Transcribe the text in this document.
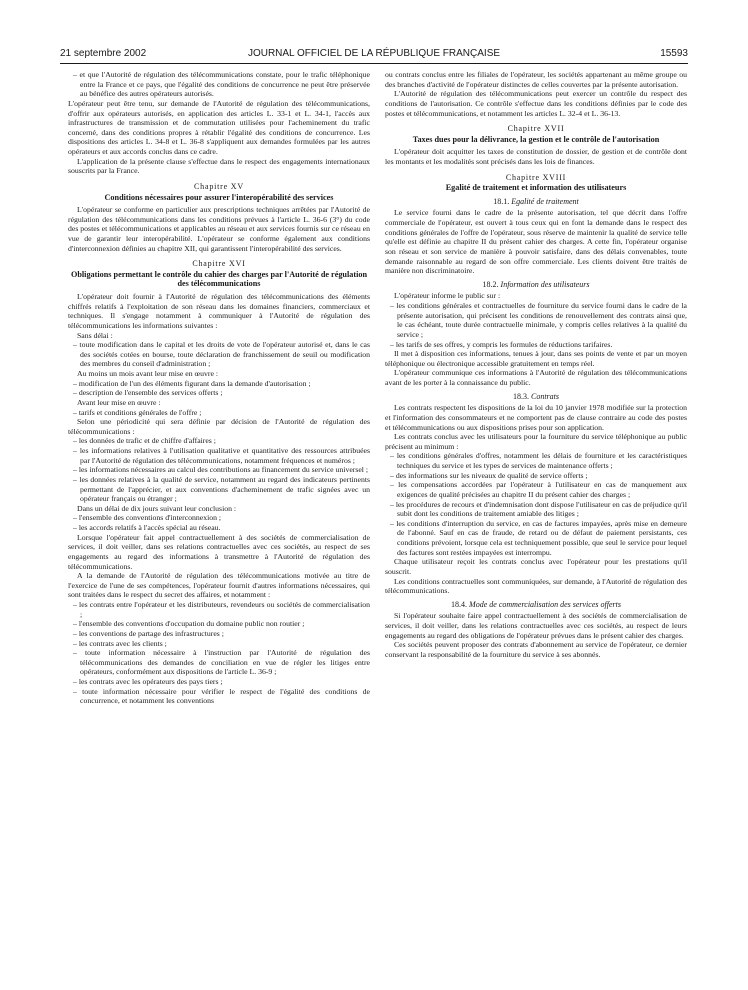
21 septembre 2002	JOURNAL OFFICIEL DE LA RÉPUBLIQUE FRANÇAISE	15593

– et que l'Autorité de régulation des télécommunications constate, pour le trafic téléphonique entre la France et ce pays, que l'égalité des conditions de concurrence ne peut être préservée au bénéfice des autres opérateurs autorisés.

L'opérateur peut être tenu, sur demande de l'Autorité de régulation des télécommunications, d'offrir aux opérateurs autorisés, en application des articles L. 33-1 et L. 34-1, l'accès aux infrastructures de transmission et de commutation utilisées pour l'acheminement du trafic concerné, dans des conditions propres à rétablir l'égalité des conditions de concurrence. Les dispositions des articles L. 34-8 et L. 36-8 s'appliquent aux demandes formulées par les autres opérateurs et aux accords conclus dans ce cadre.

L'application de la présente clause s'effectue dans le respect des engagements internationaux souscrits par la France.

Chapitre XV
Conditions nécessaires pour assurer l'interopérabilité des services

L'opérateur se conforme en particulier aux prescriptions techniques arrêtées par l'Autorité de régulation des télécommunications dans les conditions prévues à l'article L. 36-6 (3°) du code des postes et télécommunications et applicables au réseau et aux services fournis sur ce réseau en vue de garantir leur interopérabilité. L'opérateur se conforme également aux conditions d'interconnexion définies au chapitre XII, qui garantissent l'interopérabilité des services.

Chapitre XVI
Obligations permettant le contrôle du cahier des charges par l'Autorité de régulation des télécommunications

L'opérateur doit fournir à l'Autorité de régulation des télécommunications des éléments chiffrés relatifs à l'exploitation de son réseau dans les domaines financiers, commerciaux et techniques. Il s'engage notamment à communiquer à l'Autorité de régulation des télécommunications les informations suivantes :

Sans délai :

– toute modification dans le capital et les droits de vote de l'opérateur autorisé et, dans le cas des sociétés cotées en bourse, toute déclaration de franchissement de seuil ou modification des membres du conseil d'administration ;

Au moins un mois avant leur mise en œuvre :

– modification de l'un des éléments figurant dans la demande d'autorisation ;

– description de l'ensemble des services offerts ;

Avant leur mise en œuvre :

– tarifs et conditions générales de l'offre ;

Selon une périodicité qui sera définie par décision de l'Autorité de régulation des télécommunications :

– les données de trafic et de chiffre d'affaires ;

– les informations relatives à l'utilisation qualitative et quantitative des ressources attribuées par l'Autorité de régulation des télécommunications, notamment fréquences et numéros ;

– les informations nécessaires au calcul des contributions au financement du service universel ;

– les données relatives à la qualité de service, notamment au regard des indicateurs pertinents permettant de l'apprécier, et aux conventions d'acheminement de trafic signées avec un opérateur français ou étranger ;

Dans un délai de dix jours suivant leur conclusion :

– l'ensemble des conventions d'interconnexion ;

– les accords relatifs à l'accès spécial au réseau.

Lorsque l'opérateur fait appel contractuellement à des sociétés de commercialisation de services, il doit veiller, dans ses relations contractuelles avec ces sociétés, au respect de ses engagements au regard des informations à transmettre à l'Autorité de régulation des télécommunications.

A la demande de l'Autorité de régulation des télécommunications motivée au titre de l'exercice de l'une de ses compétences, l'opérateur fournit d'autres informations nécessaires, qui sont traitées dans le respect du secret des affaires, et notamment :

– les contrats entre l'opérateur et les distributeurs, revendeurs ou sociétés de commercialisation ;

– l'ensemble des conventions d'occupation du domaine public non routier ;

– les conventions de partage des infrastructures ;

– les contrats avec les clients ;

– toute information nécessaire à l'instruction par l'Autorité de régulation des télécommunications des demandes de conciliation en vue de régler les litiges entre opérateurs, conformément aux dispositions de l'article L. 36-9 ;

– les contrats avec les opérateurs des pays tiers ;

– toute information nécessaire pour vérifier le respect de l'égalité des conditions de concurrence, et notamment les conventions

ou contrats conclus entre les filiales de l'opérateur, les sociétés appartenant au même groupe ou des branches d'activité de l'opérateur distinctes de celles couvertes par la présente autorisation.

L'Autorité de régulation des télécommunications peut exercer un contrôle du respect des conditions de l'autorisation. Ce contrôle s'effectue dans les conditions définies par le code des postes et télécommunications, et notamment les articles L. 32-4 et L. 36-13.

Chapitre XVII
Taxes dues pour la délivrance, la gestion et le contrôle de l'autorisation

L'opérateur doit acquitter les taxes de constitution de dossier, de gestion et de contrôle dont les montants et les modalités sont précisés dans les lois de finances.

Chapitre XVIII
Egalité de traitement et information des utilisateurs
18.1. Egalité de traitement

Le service fourni dans le cadre de la présente autorisation, tel que décrit dans l'offre commerciale de l'opérateur, est ouvert à tous ceux qui en font la demande dans le respect des conditions générales de l'offre de l'opérateur, sous réserve de maintenir la qualité de service telle qu'elle est définie au chapitre II du présent cahier des charges. A cette fin, l'opérateur organise son réseau et son service de manière à pouvoir satisfaire, dans des délais convenables, toute demande raisonnable au regard de son offre commerciale. Les clients doivent être traités de manière non discriminatoire.

18.2. Information des utilisateurs

L'opérateur informe le public sur :

– les conditions générales et contractuelles de fourniture du service fourni dans le cadre de la présente autorisation, qui précisent les conditions de renouvellement des contrats ainsi que, le cas échéant, toute durée contractuelle minimale, y compris celles relatives à la qualité du service ;

– les tarifs de ses offres, y compris les formules de réductions tarifaires.

Il met à disposition ces informations, tenues à jour, dans ses points de vente et par un moyen téléphonique ou électronique accessible gratuitement en temps réel.

L'opérateur communique ces informations à l'Autorité de régulation des télécommunications avant de les porter à la connaissance du public.

18.3. Contrats

Les contrats respectent les dispositions de la loi du 10 janvier 1978 modifiée sur la protection et l'information des consommateurs et ne comportent pas de clause contraire au code des postes et télécommunications ou aux dispositions prises pour son application.

Les contrats conclus avec les utilisateurs pour la fourniture du service téléphonique au public précisent au minimum :

– les conditions générales d'offres, notamment les délais de fourniture et les caractéristiques techniques du service et les types de services de maintenance offerts ;

– des informations sur les niveaux de qualité de service offerts ;

– les compensations accordées par l'opérateur à l'utilisateur en cas de manquement aux exigences de qualité précisées au chapitre II du présent cahier des charges ;

– les procédures de recours et d'indemnisation dont dispose l'utilisateur en cas de préjudice qu'il subit dont les conditions de traitement amiable des litiges ;

– les conditions d'interruption du service, en cas de factures impayées, après mise en demeure de l'abonné. Sauf en cas de fraude, de retard ou de défaut de paiement persistants, ces conditions prévoient, lorsque cela est techniquement possible, que seul le service pour lequel des factures sont restées impayées est interrompu.

Chaque utilisateur reçoit les contrats conclus avec l'opérateur pour les prestations qu'il souscrit.

Les conditions contractuelles sont communiquées, sur demande, à l'Autorité de régulation des télécommunications.

18.4. Mode de commercialisation des services offerts

Si l'opérateur souhaite faire appel contractuellement à des sociétés de commercialisation de services, il doit veiller, dans les relations contractuelles avec ces sociétés, au respect de leurs engagements au regard des obligations de l'opérateur prévues dans le présent cahier des charges.

Ces sociétés peuvent proposer des contrats d'abonnement au service de l'opérateur, ce dernier conservant la responsabilité de la fourniture du service à ses abonnés.
